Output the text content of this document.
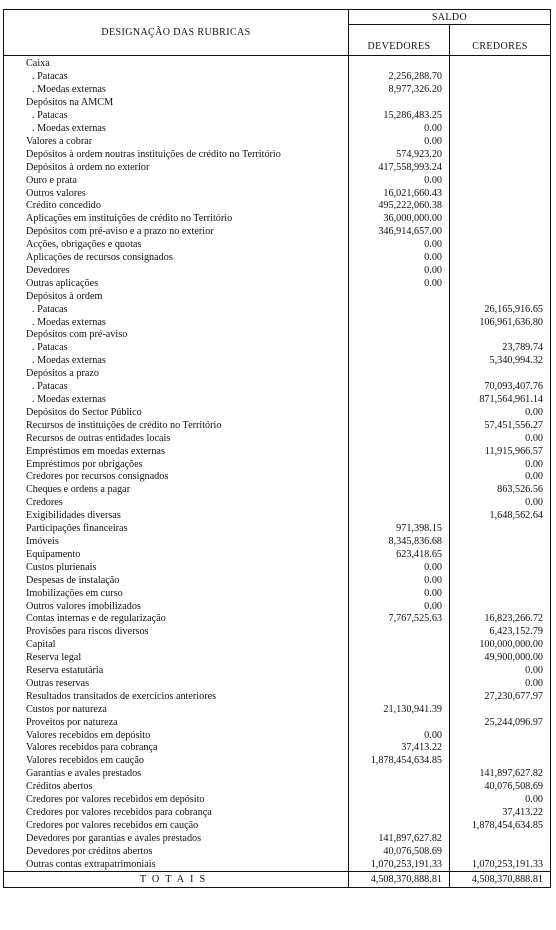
DESIGNAÇÃO DAS RUBRICAS	SALDO	
	DEVEDORES	CREDORES
Caixa		
. Patacas	2,256,288.70	
. Moedas externas	8,977,326.20	
Depósitos na AMCM		
. Patacas	15,286,483.25	
. Moedas externas	0.00	
Valores a cobrar	0.00	
Depósitos à ordem noutras instituições de crédito no Território	574,923.20	
Depósitos à ordem no exterior	417,558,993.24	
Ouro e prata	0.00	
Outros valores	16,021,660.43	
Crédito concedido	495,222,060.38	
Aplicações em instituições de crédito no Território	36,000,000.00	
Depósitos com pré-aviso e a prazo no exterior	346,914,657.00	
Acções, obrigações e quotas	0.00	
Aplicações de recursos consignados	0.00	
Devedores	0.00	
Outras aplicações	0.00	
Depósitos à ordem		
. Patacas		26,165,916.65
. Moedas externas		106,961,636.80
Depósitos com pré-aviso		
. Patacas		23,789.74
. Moedas externas		5,340,994.32
Depósitos a prazo		
. Patacas		70,093,407.76
. Moedas externas		871,564,961.14
Depósitos do Sector Público		0.00
Recursos de instituições de crédito no Território		57,451,556.27
Recursos de outras entidades locais		0.00
Empréstimos em moedas externas		11,915,966.57
Empréstimos por obrigações		0.00
Credores por recursos consignados		0.00
Cheques e ordens a pagar		863,526.56
Credores		0.00
Exigibilidades diversas		1,648,562.64
Participações financeiras	971,398.15	
Imóveis	8,345,836.68	
Equipamento	623,418.65	
Custos plurienais	0.00	
Despesas de instalação	0.00	
Imobilizações em curso	0.00	
Outros valores imobilizados	0.00	
Contas internas e de regularização	7,767,525.63	16,823,266.72
Provisões para riscos diversos		6,423,152.79
Capital		100,000,000.00
Reserva legal		49,900,000.00
Reserva estatutária		0.00
Outras reservas		0.00
Resultados transitados de exercícios anteriores		27,230,677.97
Custos por natureza	21,130,941.39	
Proveitos por natureza		25,244,096.97
Valores recebidos em depósito	0.00	
Valores recebidos para cobrança	37,413.22	
Valores recebidos em caução	1,878,454,634.85	
Garantias e avales prestados		141,897,627.82
Créditos abertos		40,076,508.69
Credores por valores recebidos em depósito		0.00
Credores por valores recebidos para cobrança		37,413.22
Credores por valores recebidos em caução		1,878,454,634.85
Devedores por garantias e avales prestados	141,897,627.82	
Devedores por créditos abertos	40,076,508.69	
Outras contas extrapatrimoniais	1,070,253,191.33	1,070,253,191.33
TOTAIS	4,508,370,888.81	4,508,370,888.81
